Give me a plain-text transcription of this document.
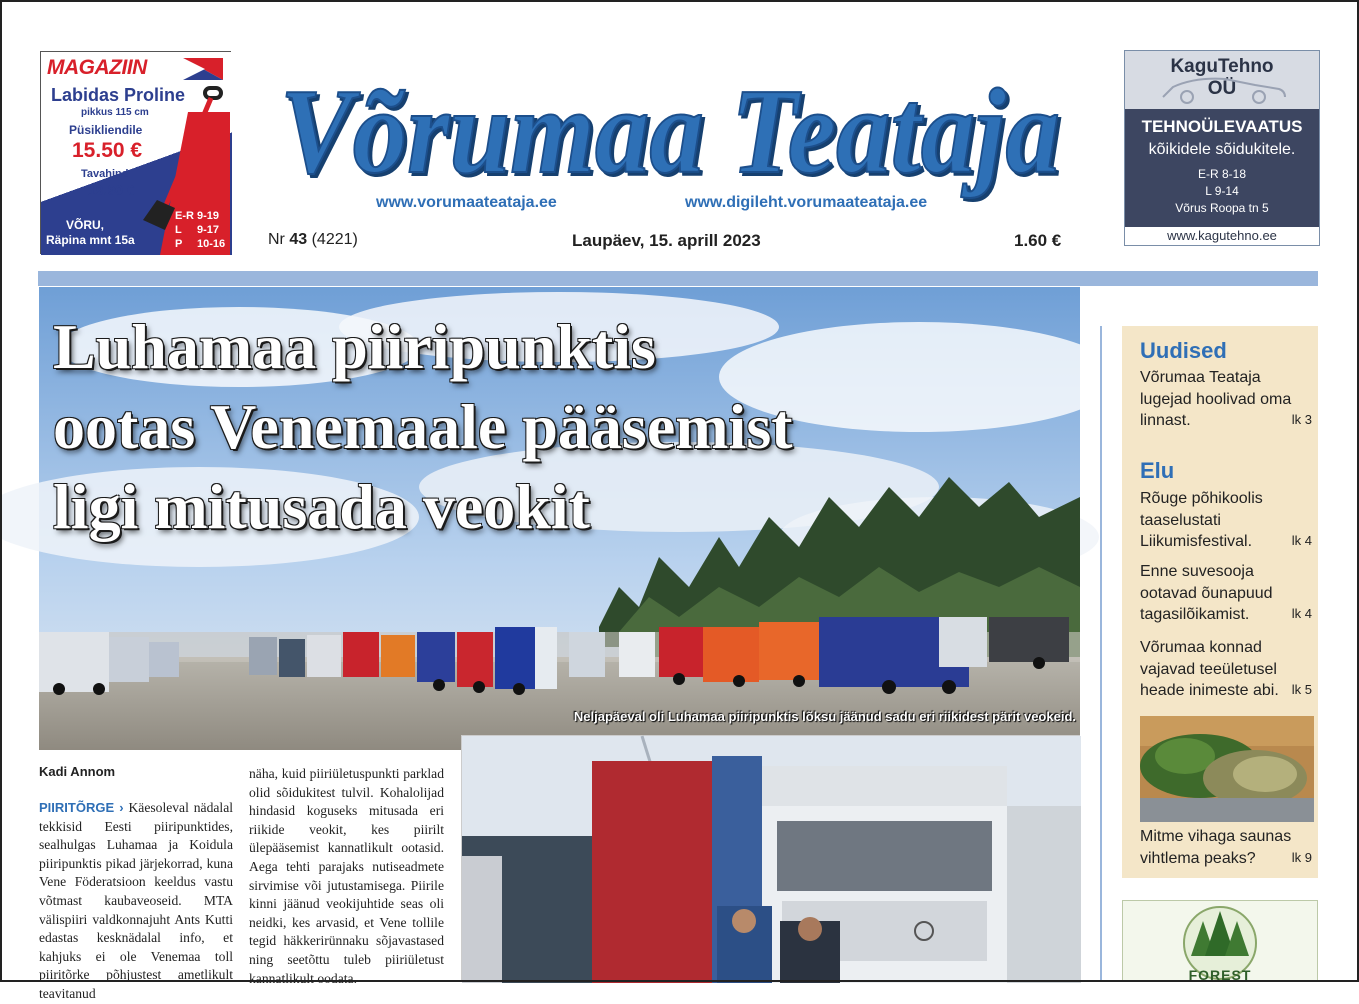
MAGAZIIN
Labidas Proline
pikkus 115 cm
Püsikliendile
15.50 €
Tavahind
19.90 €
VÕRU,
Räpina mnt 15a
E-R 9-19
L 9-17
P 10-16
Võrumaa Teataja
www.vorumaateataja.ee	www.digileht.vorumaateataja.ee
Nr 43 (4221)	Laupäev, 15. aprill 2023	1.60 €
KaguTehno
OÜ
TEHNOÜLEVAATUS
kõikidele sõidukitele.
E-R 8-18
L 9-14
Võrus Roopa tn 5
www.kagutehno.ee
Luhamaa piiripunktis
ootas Venemaale pääsemist
ligi mitusada veokit
Neljapäeval oli Luhamaa piiripunktis lõksu jäänud sadu eri riikidest pärit veokeid.
Kadi Annom
PIIRITÕRGE › Käesoleval nädalal tekkisid Eesti piiripunktides, sealhulgas Luhamaa ja Koidula piiripunktis pikad järjekorrad, kuna Vene Föderatsioon keeldus vastu võtmast kaubaveoseid. MTA välispiiri valdkonnajuht Ants Kutti edastas kesknädalal info, et kahjuks ei ole Venemaa toll piiritõrke põhjustest ametlikult teavitanud
näha, kuid piiriületuspunkti parklad olid sõidukitest tulvil. Kohalolijad hindasid koguseks mitusada eri riikide veokit, kes piirilt ülepääsemist kannatlikult ootasid. Aega tehti parajaks nutiseadmete sirvimise või jutustamisega. Piirile kinni jäänud veokijuhtide seas oli neidki, kes arvasid, et Vene tollile tegid häkkerirünnaku sõjavastased ning seetõttu tuleb piiriületust kannatlikult oodata.
Uudised
Võrumaa Teataja lugejad hoolivad oma linnast.	lk 3
Elu
Rõuge põhikoolis taaselustati Liikumisfestival.	lk 4
Enne suvesooja ootavad õunapuud tagasilõikamist.	lk 4
Võrumaa konnad vajavad teeületusel heade inimeste abi. lk 5
Mitme vihaga saunas vihtlema peaks?	lk 9
FOREST
